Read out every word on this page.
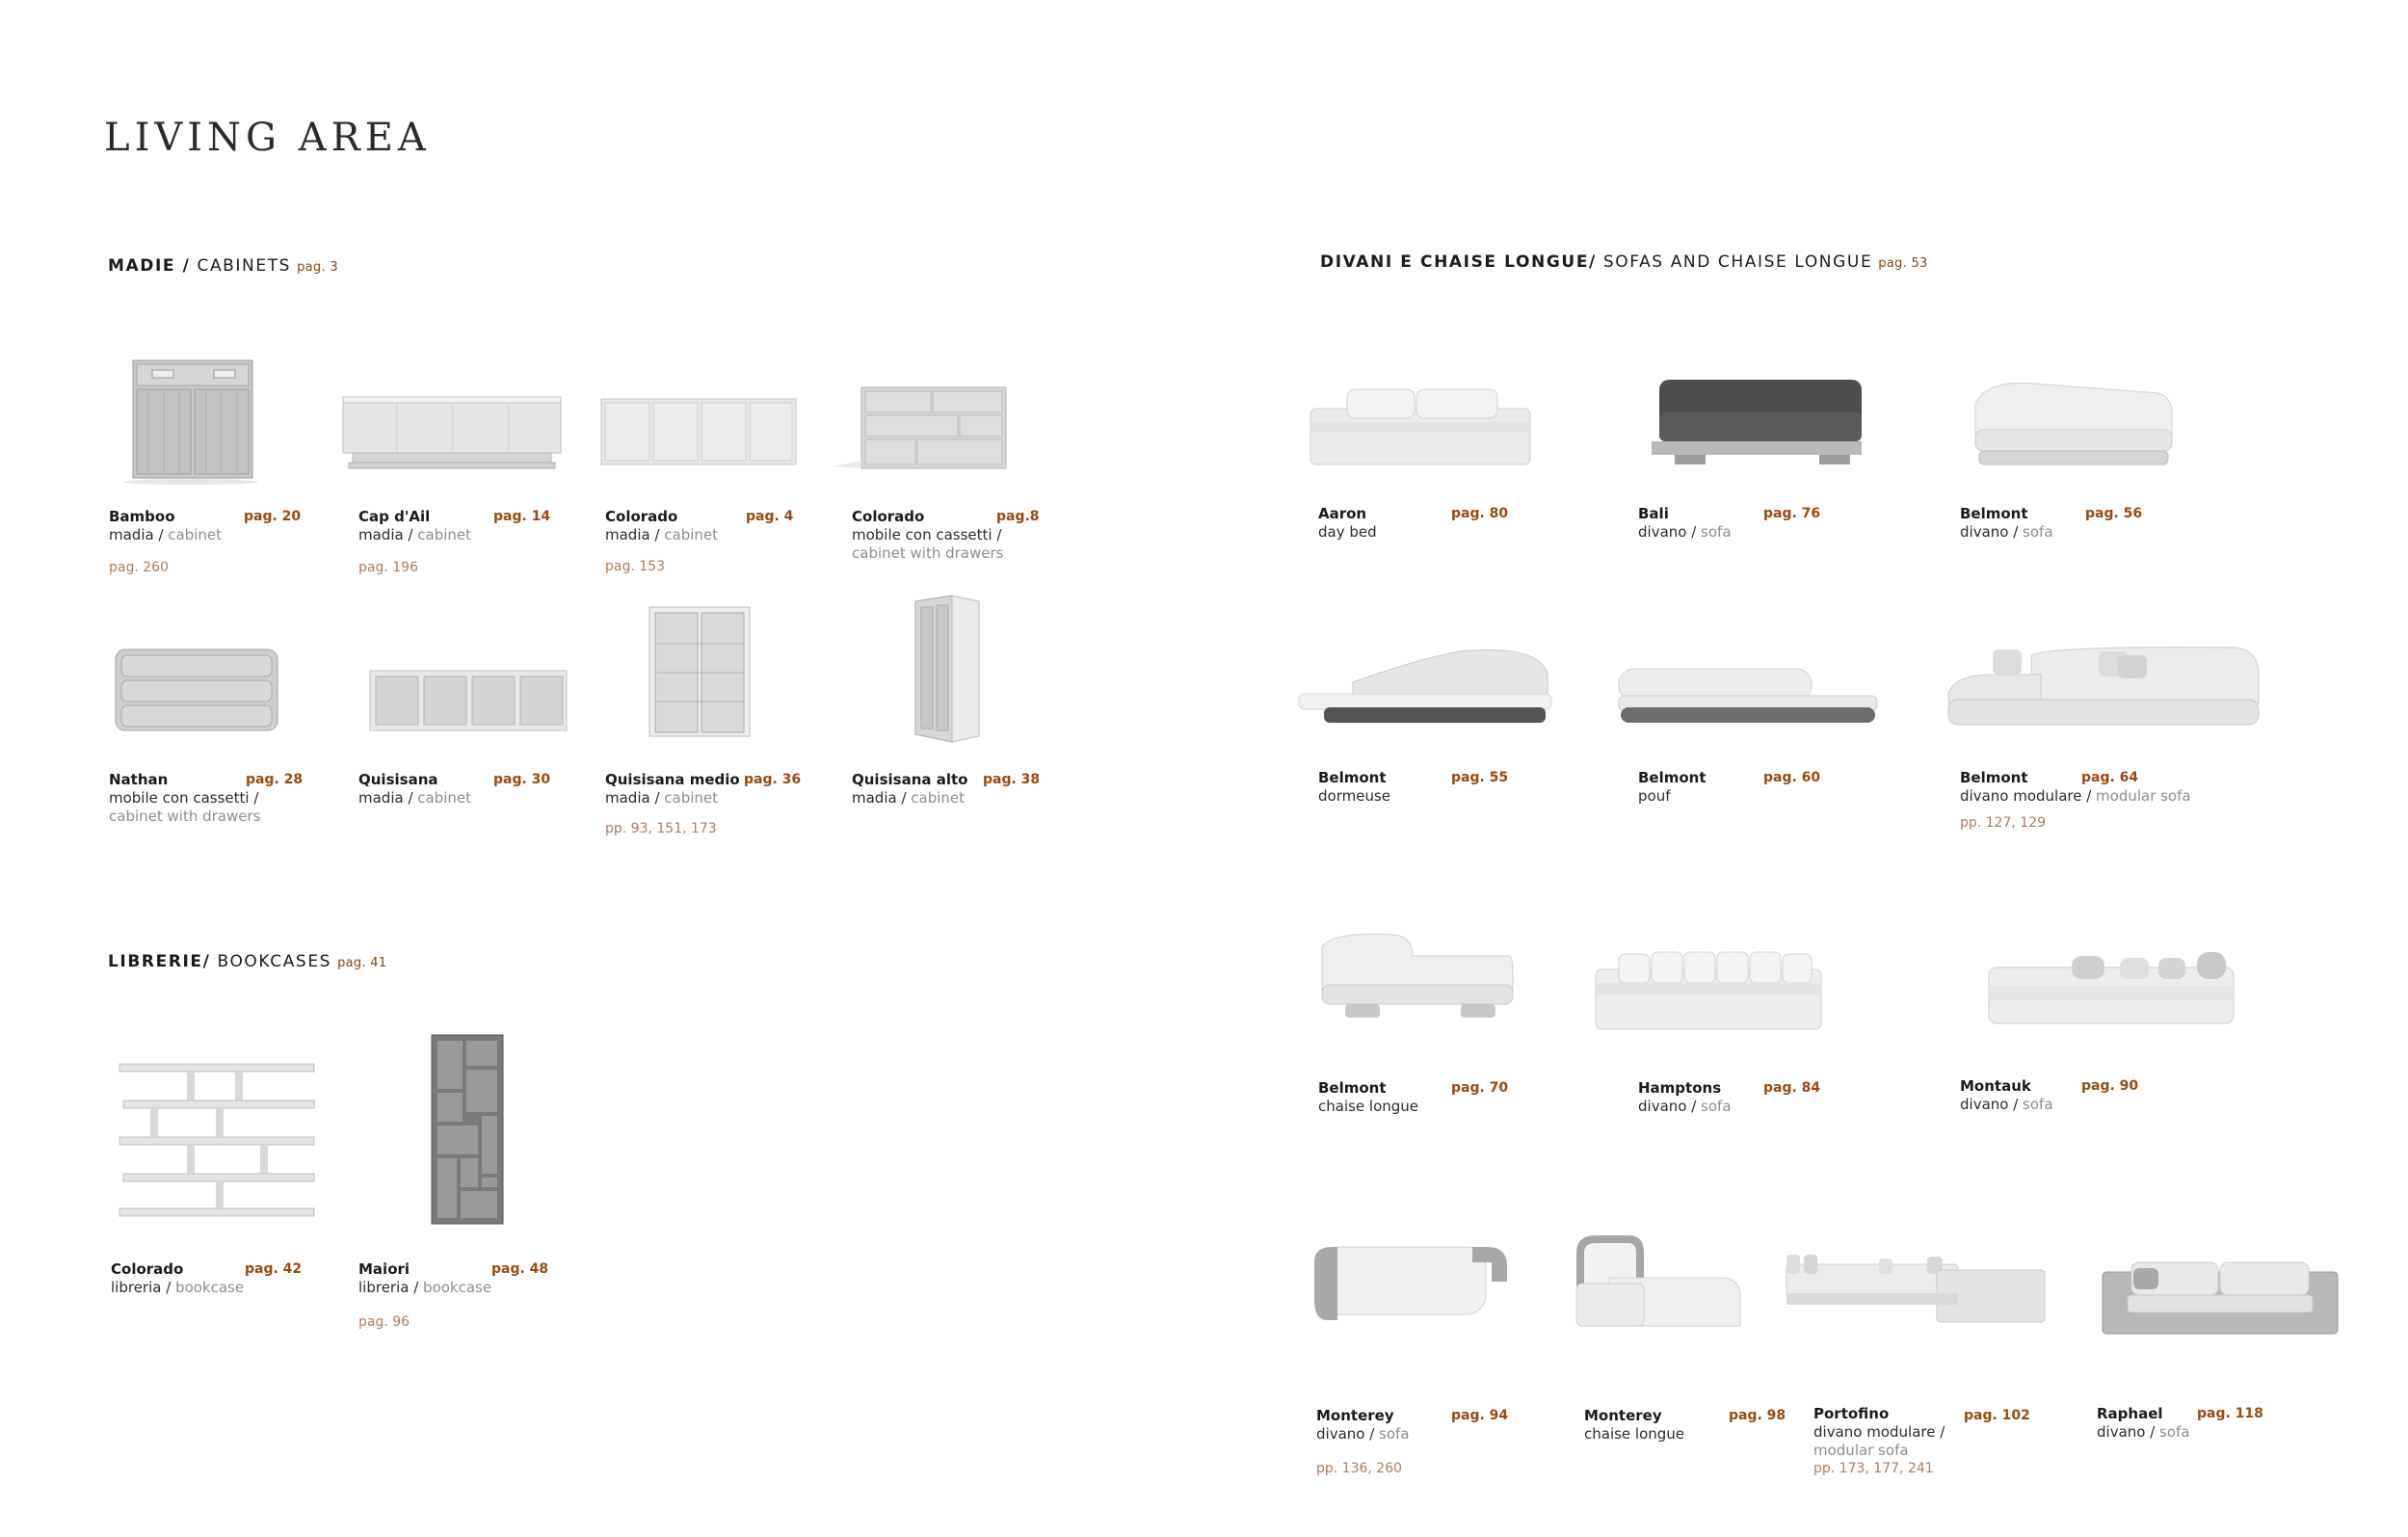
LIVING AREA
MADIE / CABINETS pag. 3
LIBRERIE/ BOOKCASES pag. 41
DIVANI E CHAISE LONGUE/ SOFAS AND CHAISE LONGUE pag. 53
Bamboo
madia / cabinet
pag. 20
pag. 260
Cap d'Ail
madia / cabinet
pag. 14
pag. 196
Colorado
madia / cabinet
pag. 4
pag. 153
Colorado
mobile con cassetti /
cabinet with drawers
pag.8
Nathan
mobile con cassetti /
cabinet with drawers
pag. 28	Quisisana
madia / cabinet
pag. 30	Quisisana medio
madia / cabinet
pag. 36
pp. 93, 151, 173
Quisisana alto
madia / cabinet
pag. 38
Colorado
libreria / bookcase
pag. 42	Maiori
libreria / bookcase
pag. 48
pag. 96
Aaron
day bed
pag. 80	Bali
divano / sofa
pag. 76	Belmont
divano / sofa
pag. 56
Belmont
dormeuse
pag. 55	Belmont
pouf
pag. 60	Belmont
divano modulare / modular sofa
pag. 64
pp. 127, 129
Belmont
chaise longue
pag. 70	Hamptons
divano / sofa
pag. 84	Montauk
divano / sofa
pag. 90
Monterey
divano / sofa
pag. 94
pp. 136, 260
Monterey
chaise longue
pag. 98 Portofino
divano modulare /
modular sofa
pag. 102
pp. 173, 177, 241
Raphael
divano / sofa
pag. 118
